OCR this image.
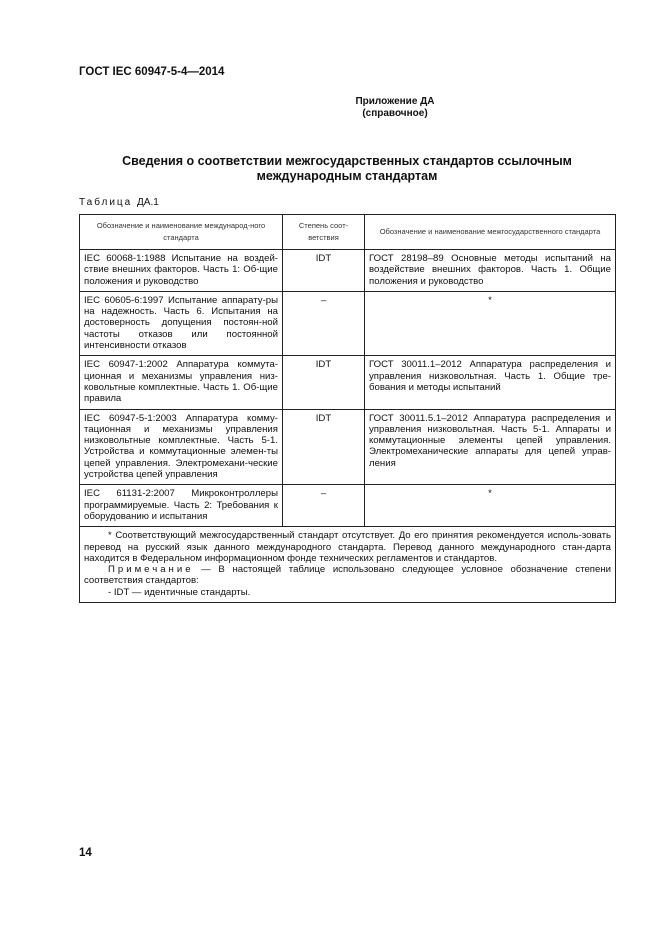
ГОСТ IEC 60947-5-4—2014
Приложение ДА
(справочное)
Сведения о соответствии межгосударственных стандартов ссылочным
международным стандартам
Таблица ДА.1
Обозначение и наименование международ-ного стандарта	Степень соот-ветствия	Обозначение и наименование межгосударственного стандарта
IEC 60068-1:1988 Испытание на воздей-ствие внешних факторов. Часть 1: Об-щие положения и руководство	IDT	ГОСТ 28198–89 Основные методы испытаний на воздействие внешних факторов. Часть 1. Общие положения и руководство
IEC 60605-6:1997 Испытание аппарату-ры на надежность. Часть 6. Испытания на достоверность допущения постоян-ной частоты отказов или постоянной интенсивности отказов	–	*
IEC 60947-1:2002 Аппаратура коммута-ционная и механизмы управления низ-ковольтные комплектные. Часть 1. Об-щие правила	IDT	ГОСТ 30011.1–2012 Аппаратура распределения и управления низковольтная. Часть 1. Общие тре-бования и методы испытаний
IEC 60947-5-1:2003 Аппаратура комму-тационная и механизмы управления низковольтные комплектные. Часть 5-1. Устройства и коммутационные элемен-ты цепей управления. Электромехани-ческие устройства цепей управления	IDT	ГОСТ 30011.5.1–2012 Аппаратура распределения и управления низковольтная. Часть 5-1. Аппараты и коммутационные элементы цепей управления. Электромеханические аппараты для цепей управ-ления
IEC 61131-2:2007 Микроконтроллеры программируемые. Часть 2: Требования к оборудованию и испытания	–	*

* Соответствующий межгосударственный стандарт отсутствует. До его принятия рекомендуется исполь-зовать перевод на русский язык данного международного стандарта. Перевод данного международного стан-дарта находится в Федеральном информационном фонде технических регламентов и стандартов.
Примечание — В настоящей таблице использовано следующее условное обозначение степени соответствия стандартов:
- IDT — идентичные стандарты.		
14
